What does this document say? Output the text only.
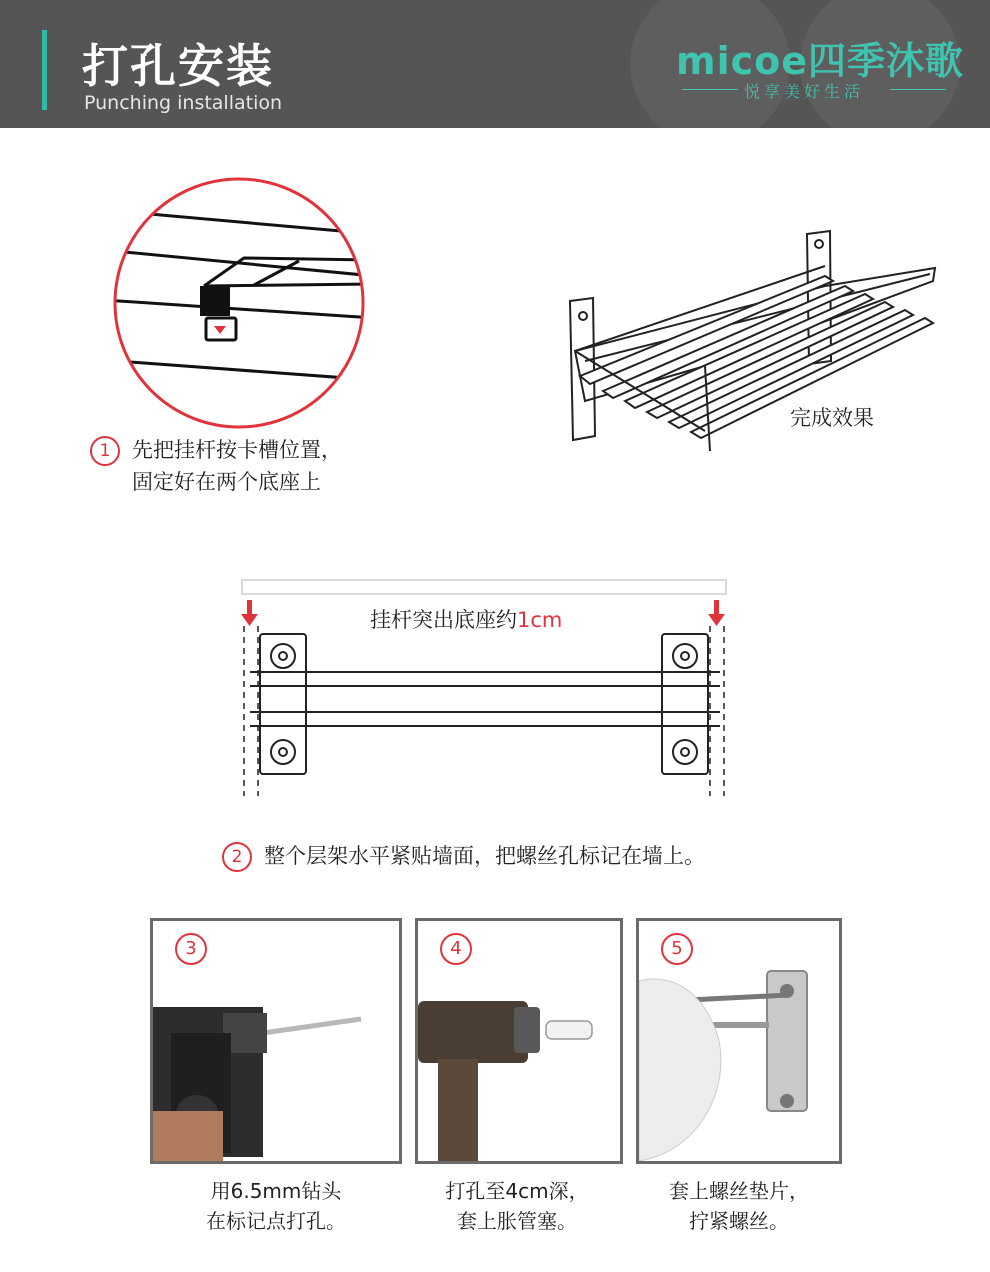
打孔安装
Punching installation
micoe四季沐歌
悦享美好生活
1 先把挂杆按卡槽位置，
固定好在两个底座上
完成效果
挂杆突出底座约1cm
2 整个层架水平紧贴墙面，把螺丝孔标记在墙上。
3
用6.5mm钻头
在标记点打孔。
4
打孔至4cm深，
套上胀管塞。
5
套上螺丝垫片，
拧紧螺丝。
